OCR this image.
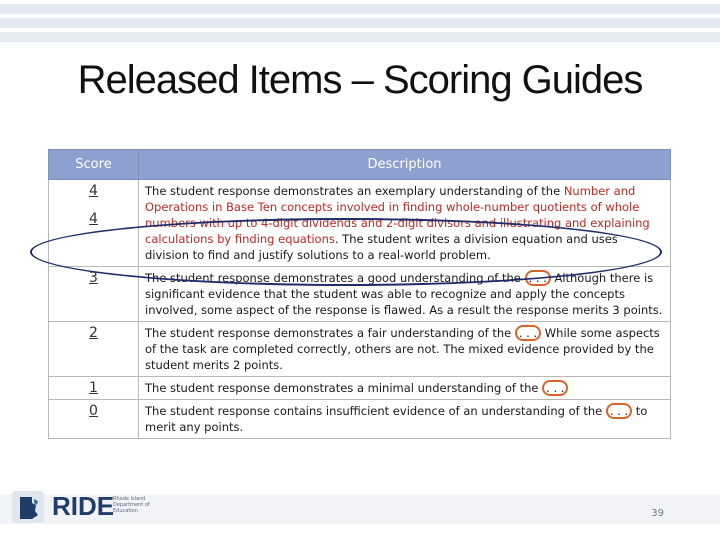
Released Items – Scoring Guides
Score	Description

4
4	The student response demonstrates an exemplary understanding of the Number and Operations in Base Ten concepts involved in finding whole-number quotients of whole numbers with up to 4-digit dividends and 2-digit divisors and illustrating and explaining calculations by finding equations. The student writes a division equation and uses division to find and justify solutions to a real-world problem.

3	The student response demonstrates a good understanding of the . . . Although there is significant evidence that the student was able to recognize and apply the concepts involved, some aspect of the response is flawed. As a result the response merits 3 points.

2	The student response demonstrates a fair understanding of the . . . While some aspects of the task are completed correctly, others are not. The mixed evidence provided by the student merits 2 points.

1	The student response demonstrates a minimal understanding of the . . .

0	The student response contains insufficient evidence of an understanding of the . . . to merit any points.
RIDE
Rhode Island Department of Education	39
